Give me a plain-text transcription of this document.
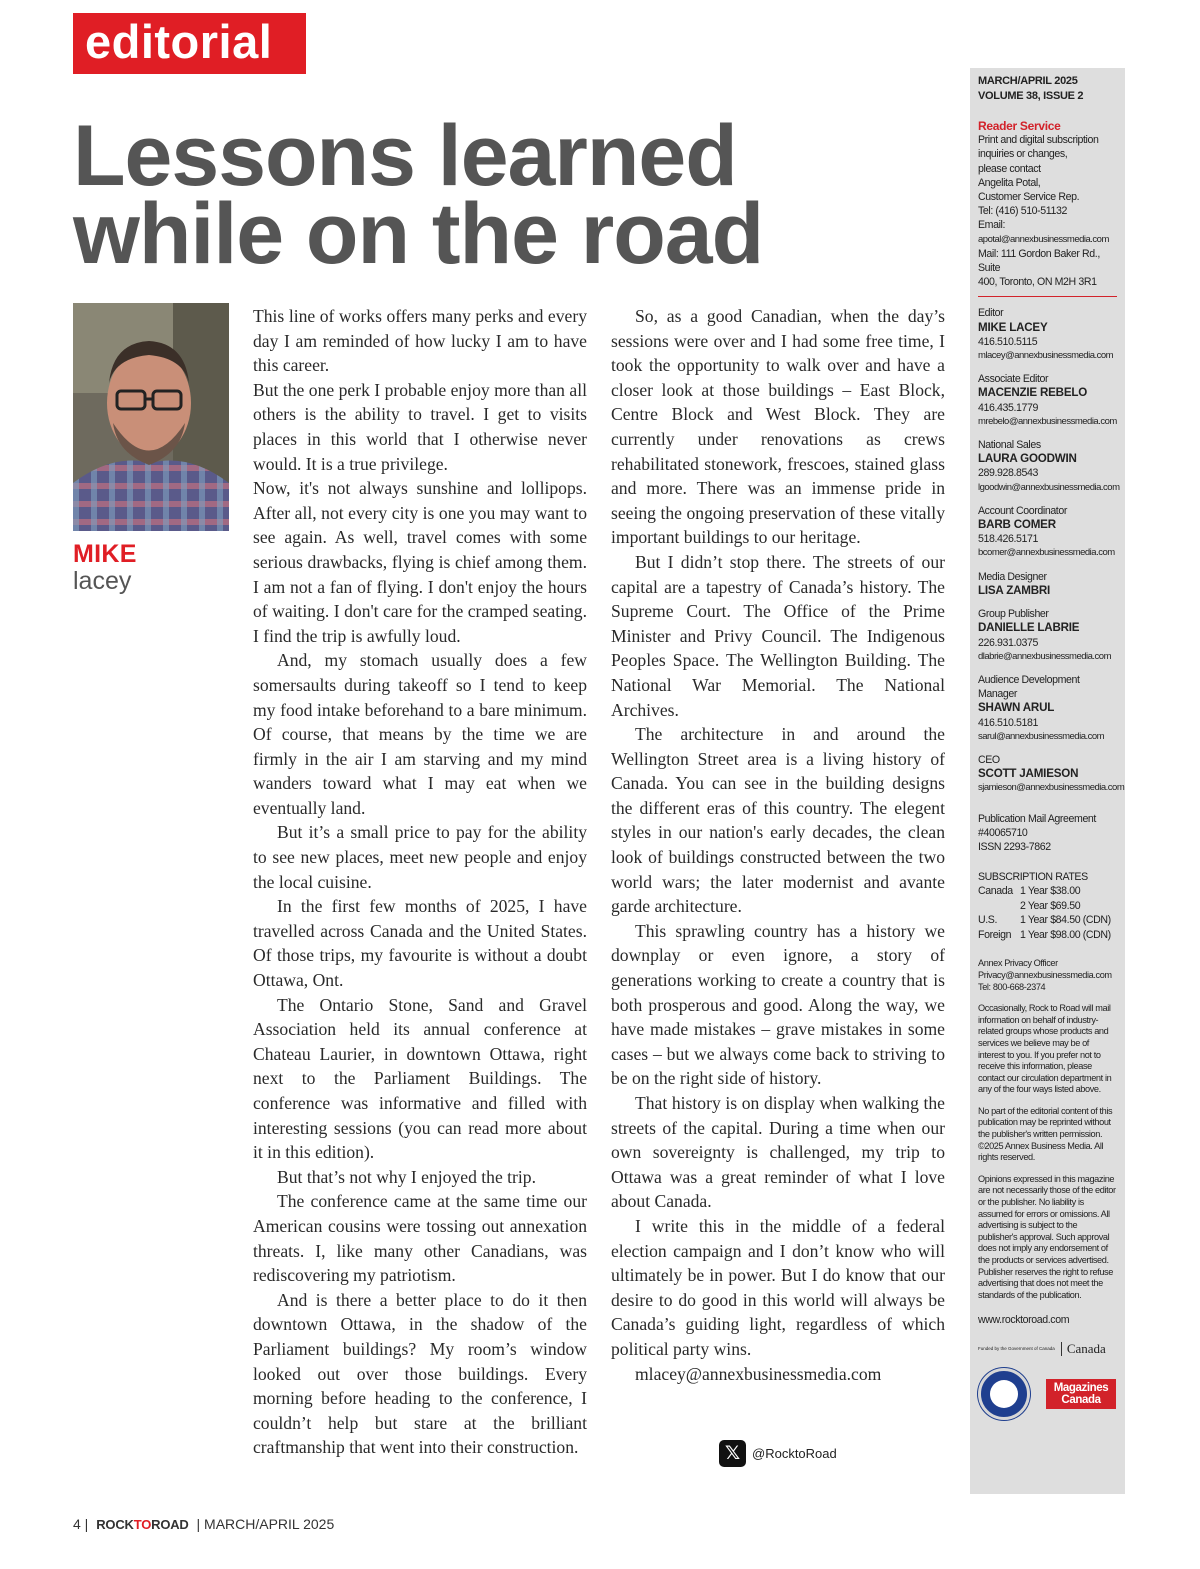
editorial
Lessons learned
while on the road
MIKE
lacey

This line of works offers many perks and every day I am reminded of how lucky I am to have this career.

But the one perk I probable enjoy more than all others is the ability to travel. I get to visits places in this world that I otherwise never would. It is a true privilege.

Now, it's not always sunshine and lollipops. After all, not every city is one you may want to see again. As well, travel comes with some serious drawbacks, flying is chief among them. I am not a fan of flying. I don't enjoy the hours of waiting. I don't care for the cramped seating. I find the trip is awfully loud.

And, my stomach usually does a few somersaults during takeoff so I tend to keep my food intake beforehand to a bare minimum. Of course, that means by the time we are firmly in the air I am starving and my mind wanders toward what I may eat when we eventually land.

But it’s a small price to pay for the ability to see new places, meet new people and enjoy the local cuisine.

In the first few months of 2025, I have travelled across Canada and the United States. Of those trips, my favourite is without a doubt Ottawa, Ont.

The Ontario Stone, Sand and Gravel Association held its annual conference at Chateau Laurier, in downtown Ottawa, right next to the Parliament Buildings. The conference was informative and filled with interesting sessions (you can read more about it in this edition).

But that’s not why I enjoyed the trip.

The conference came at the same time our American cousins were tossing out annexation threats. I, like many other Canadians, was rediscovering my patriotism.

And is there a better place to do it then downtown Ottawa, in the shadow of the Parliament buildings? My room’s window looked out over those buildings. Every morning before heading to the conference, I couldn’t help but stare at the brilliant craftmanship that went into their construction.

So, as a good Canadian, when the day’s sessions were over and I had some free time, I took the opportunity to walk over and have a closer look at those buildings – East Block, Centre Block and West Block. They are currently under renovations as crews rehabilitated stonework, frescoes, stained glass and more. There was an immense pride in seeing the ongoing preservation of these vitally important buildings to our heritage.

But I didn’t stop there. The streets of our capital are a tapestry of Canada’s history. The Supreme Court. The Office of the Prime Minister and Privy Council. The Indigenous Peoples Space. The Wellington Building. The National War Memorial. The National Archives.

The architecture in and around the Wellington Street area is a living history of Canada. You can see in the building designs the different eras of this country. The elegent styles in our nation's early decades, the clean look of buildings constructed between the two world wars; the later modernist and avante garde architecture.

This sprawling country has a history we downplay or even ignore, a story of generations working to create a country that is both prosperous and good. Along the way, we have made mistakes – grave mistakes in some cases – but we always come back to striving to be on the right side of history.

That history is on display when walking the streets of the capital. During a time when our own sovereignty is challenged, my trip to Ottawa was a great reminder of what I love about Canada.

I write this in the middle of a federal election campaign and I don’t know who will ultimately be in power. But I do know that our desire to do good in this world will always be Canada’s guiding light, regardless of which political party wins.

mlacey@annexbusinessmedia.com

𝕏 @RocktoRoad
4 | ROCKTOROAD | MARCH/APRIL 2025
MARCH/APRIL 2025
VOLUME 38, ISSUE 2
Reader Service
Print and digital subscription
inquiries or changes,
please contact
Angelita Potal,
Customer Service Rep.
Tel: (416) 510-51132
Email:
apotal@annexbusinessmedia.com
Mail: 111 Gordon Baker Rd., Suite
400, Toronto, ON M2H 3R1
Editor
MIKE LACEY
416.510.5115
mlacey@annexbusinessmedia.com
Associate Editor
MACENZIE REBELO
416.435.1779
mrebelo@annexbusinessmedia.com
National Sales
LAURA GOODWIN
289.928.8543
lgoodwin@annexbusinessmedia.com
Account Coordinator
BARB COMER
518.426.5171
bcomer@annexbusinessmedia.com
Media Designer
LISA ZAMBRI
Group Publisher
DANIELLE LABRIE
226.931.0375
dlabrie@annexbusinessmedia.com
Audience Development Manager
SHAWN ARUL
416.510.5181
sarul@annexbusinessmedia.com
CEO
SCOTT JAMIESON
sjamieson@annexbusinessmedia.com
Publication Mail Agreement
#40065710
ISSN 2293-7862
SUBSCRIPTION RATES
Canada	1 Year $38.00
	2 Year $69.50
U.S.	1 Year $84.50 (CDN)
Foreign	1 Year $98.00 (CDN)
Annex Privacy Officer
Privacy@annexbusinessmedia.com
Tel: 800-668-2374
Occasionally, Rock to Road will mail information on behalf of industry-related groups whose products and services we believe may be of interest to you. If you prefer not to receive this information, please contact our circulation department in any of the four ways listed above.
No part of the editorial content of this publication may be reprinted without the publisher's written permission. ©2025 Annex Business Media. All rights reserved.
Opinions expressed in this magazine are not necessarily those of the editor or the publisher. No liability is assumed for errors or omissions. All advertising is subject to the publisher's approval. Such approval does not imply any endorsement of the products or services advertised. Publisher reserves the right to refuse advertising that does not meet the standards of the publication.
www.rocktoroad.com
Funded by the Government of Canada Canada
Magazines
Canada
